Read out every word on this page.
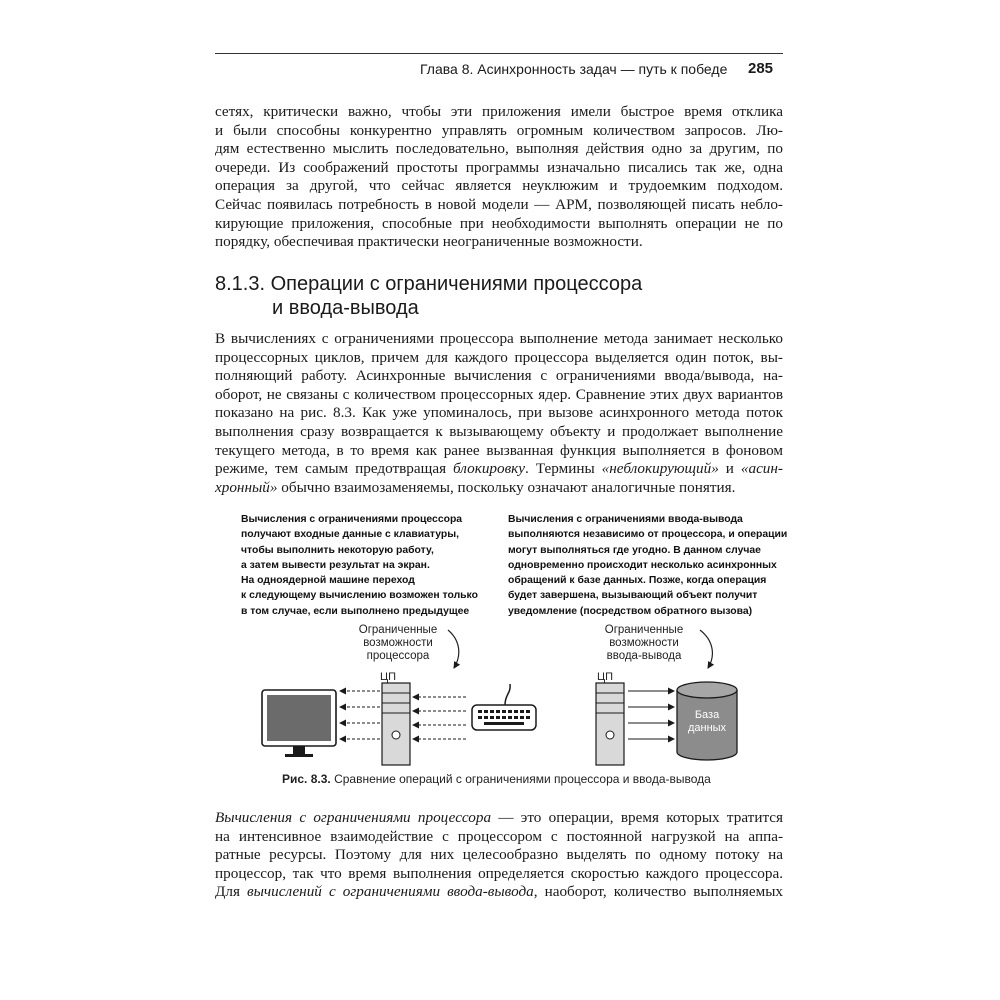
Глава 8. Асинхронность задач — путь к победе 285
сетях, критически важно, чтобы эти приложения имели быстрое время отклика
и были способны конкурентно управлять огромным количеством запросов. Лю-
дям естественно мыслить последовательно, выполняя действия одно за другим, по
очереди. Из соображений простоты программы изначально писались так же, одна
операция за другой, что сейчас является неуклюжим и трудоемким подходом.
Сейчас появилась потребность в новой модели — APM, позволяющей писать небло-
кирующие приложения, способные при необходимости выполнять операции не по
порядку, обеспечивая практически неограниченные возможности.
8.1.3. Операции с ограничениями процессора
и ввода-вывода
В вычислениях с ограничениями процессора выполнение метода занимает несколько
процессорных циклов, причем для каждого процессора выделяется один поток, вы-
полняющий работу. Асинхронные вычисления с ограничениями ввода/вывода, на-
оборот, не связаны с количеством процессорных ядер. Сравнение этих двух вариантов
показано на рис. 8.3. Как уже упоминалось, при вызове асинхронного метода поток
выполнения сразу возвращается к вызывающему объекту и продолжает выполнение
текущего метода, в то время как ранее вызванная функция выполняется в фоновом
режиме, тем самым предотвращая блокировку. Термины «неблокирующий» и «асин-
хронный» обычно взаимозаменяемы, поскольку означают аналогичные понятия.
Вычисления с ограничениями процессора
получают входные данные с клавиатуры,
чтобы выполнить некоторую работу,
а затем вывести результат на экран.
На одноядерной машине переход
к следующему вычислению возможен только
в том случае, если выполнено предыдущее
Вычисления с ограничениями ввода-вывода
выполняются независимо от процессора, и операции
могут выполняться где угодно. В данном случае
одновременно происходит несколько асинхронных
обращений к базе данных. Позже, когда операция
будет завершена, вызывающий объект получит
уведомление (посредством обратного вызова)
Ограниченные
возможности
процессора
Ограниченные
возможности
ввода-вывода
ЦП	ЦП
База
данных
Рис. 8.3. Сравнение операций с ограничениями процессора и ввода-вывода
Вычисления с ограничениями процессора — это операции, время которых тратится
на интенсивное взаимодействие с процессором с постоянной нагрузкой на аппа-
ратные ресурсы. Поэтому для них целесообразно выделять по одному потоку на
процессор, так что время выполнения определяется скоростью каждого процессора.
Для вычислений с ограничениями ввода-вывода, наоборот, количество выполняемых
